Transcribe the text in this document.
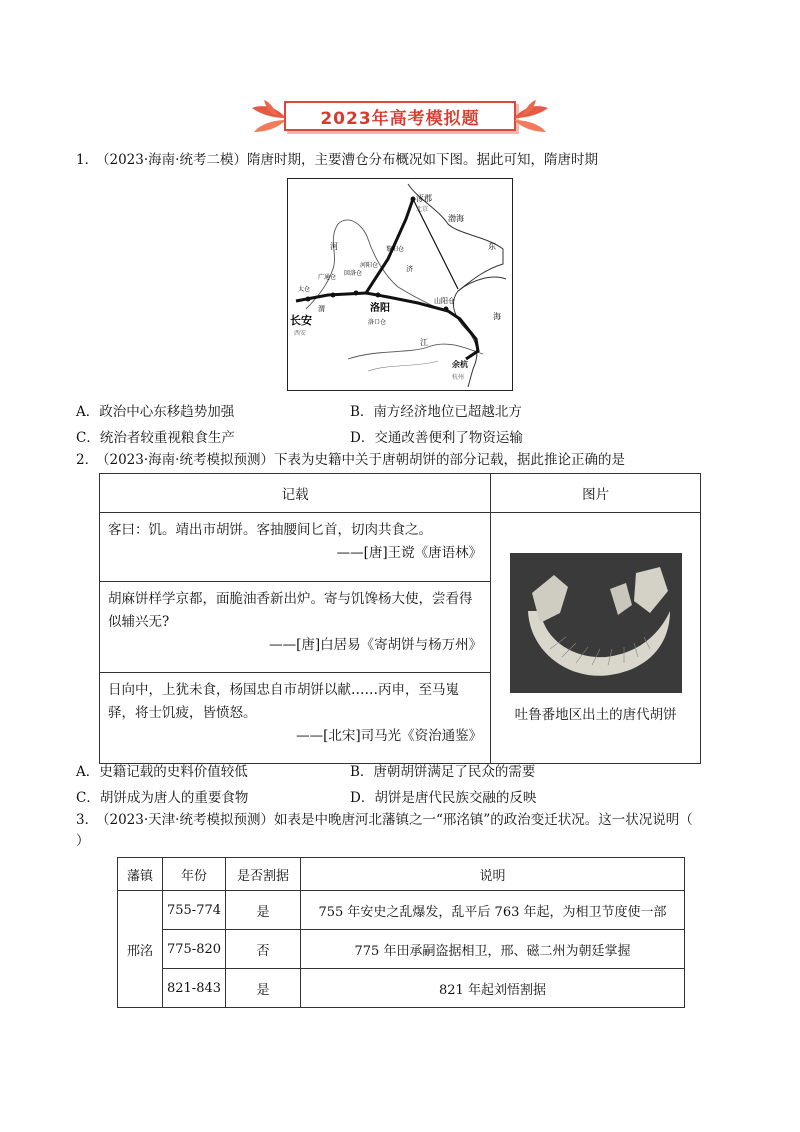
2023年高考模拟题
1．（2023·海南·统考二模）隋唐时期，主要漕仓分布概况如下图。据此可知，隋唐时期
涿郡
北京
渤海
东
海
长安
西安
洛阳
太仓
广通仓
河阳仓
回洛仓
黎阳仓
洛口仓
山阳仓
余杭
杭州
江
河
济
渭
A．政治中心东移趋势加强	B．南方经济地位已超越北方
C．统治者较重视粮食生产	D．交通改善便利了物资运输
2．（2023·海南·统考模拟预测）下表为史籍中关于唐朝胡饼的部分记载，据此推论正确的是
记载	图片

客曰：饥。靖出市胡饼。客抽腰间匕首，切肉共食之。
——[唐]王谠《唐语林》	吐鲁番地区出土的唐代胡饼

胡麻饼样学京都，面脆油香新出炉。寄与饥馋杨大使，尝看得似辅兴无?
——[唐]白居易《寄胡饼与杨万州》	

日向中，上犹未食，杨国忠自市胡饼以献……丙申，至马嵬驿，将士饥疲，皆愤怒。
——[北宋]司马光《资治通鉴》	
A．史籍记载的史料价值较低	B．唐朝胡饼满足了民众的需要
C．胡饼成为唐人的重要食物	D．胡饼是唐代民族交融的反映
3．（2023·天津·统考模拟预测）如表是中晚唐河北藩镇之一“邢洺镇”的政治变迁状况。这一状况说明（
）
藩镇	年份	是否割据	说明
邢洺	755-774	是	755 年安史之乱爆发，乱平后 763 年起，为相卫节度使一部
	775-820	否	775 年田承嗣盗据相卫，邢、磁二州为朝廷掌握
	821-843	是	821 年起刘悟割据
